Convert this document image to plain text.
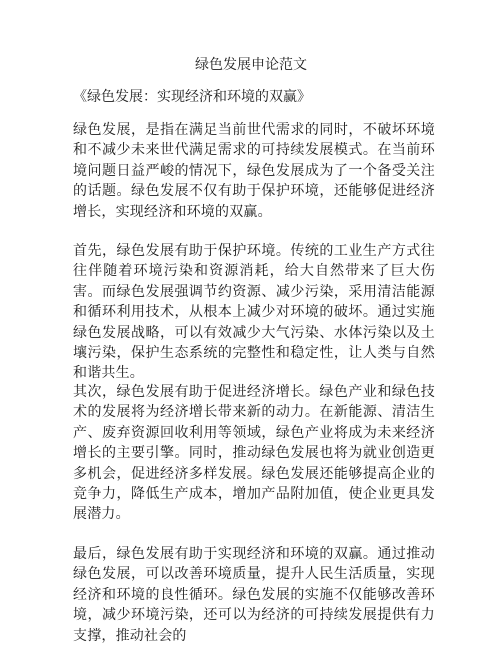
绿色发展申论范文
《绿色发展：实现经济和环境的双赢》

绿色发展，是指在满足当前世代需求的同时，不破坏环境和不减少未来世代满足需求的可持续发展模式。在当前环境问题日益严峻的情况下，绿色发展成为了一个备受关注的话题。绿色发展不仅有助于保护环境，还能够促进经济增长，实现经济和环境的双赢。

首先，绿色发展有助于保护环境。传统的工业生产方式往往伴随着环境污染和资源消耗，给大自然带来了巨大伤害。而绿色发展强调节约资源、减少污染，采用清洁能源和循环利用技术，从根本上减少对环境的破坏。通过实施绿色发展战略，可以有效减少大气污染、水体污染以及土壤污染，保护生态系统的完整性和稳定性，让人类与自然和谐共生。

其次，绿色发展有助于促进经济增长。绿色产业和绿色技术的发展将为经济增长带来新的动力。在新能源、清洁生产、废弃资源回收利用等领域，绿色产业将成为未来经济增长的主要引擎。同时，推动绿色发展也将为就业创造更多机会，促进经济多样发展。绿色发展还能够提高企业的竞争力，降低生产成本，增加产品附加值，使企业更具发展潜力。

最后，绿色发展有助于实现经济和环境的双赢。通过推动绿色发展，可以改善环境质量，提升人民生活质量，实现经济和环境的良性循环。绿色发展的实施不仅能够改善环境，减少环境污染，还可以为经济的可持续发展提供有力支撑，推动社会的
